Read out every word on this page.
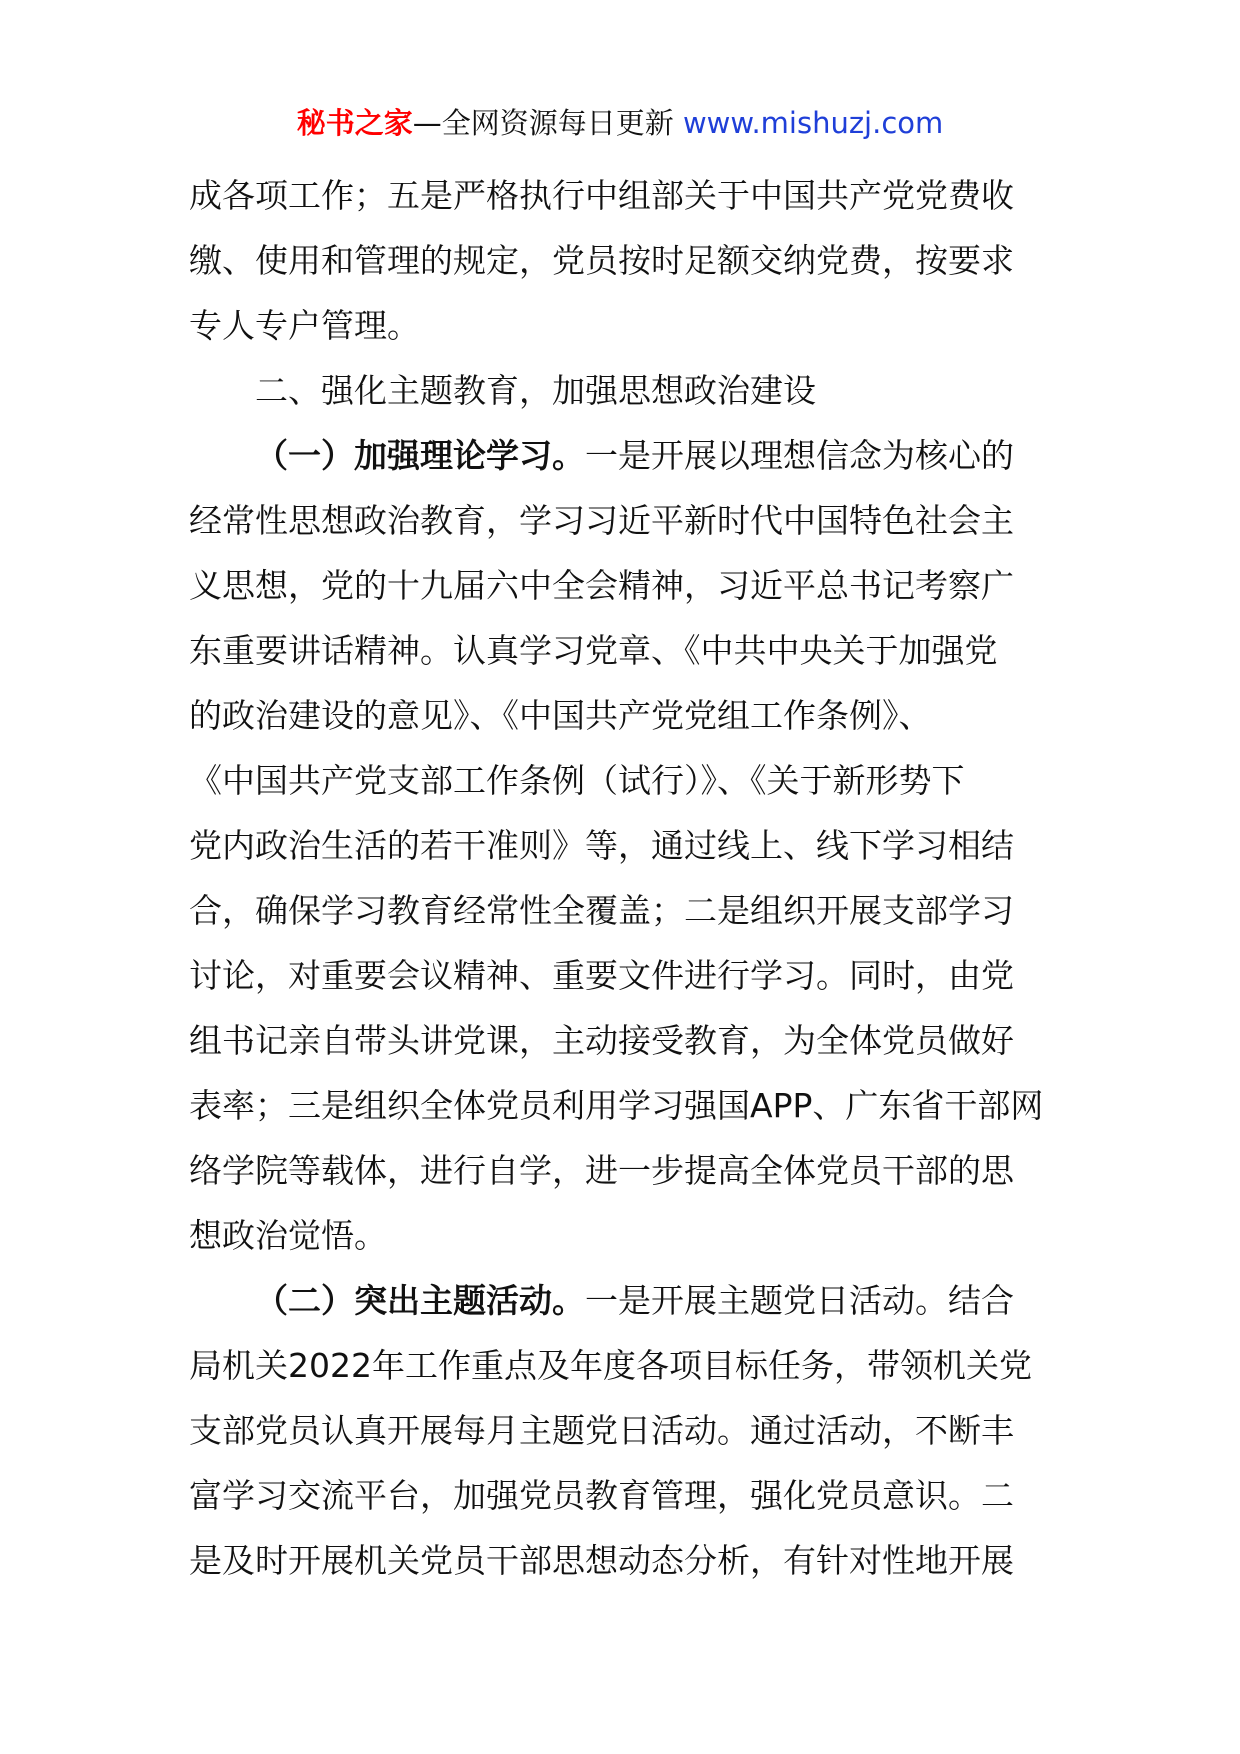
秘书之家—全网资源每日更新 www.mishuzj.com
成各项工作；五是严格执行中组部关于中国共产党党费收
缴、使用和管理的规定，党员按时足额交纳党费，按要求
专人专户管理。
二、强化主题教育，加强思想政治建设
（一）加强理论学习。一是开展以理想信念为核心的
经常性思想政治教育，学习习近平新时代中国特色社会主
义思想，党的十九届六中全会精神，习近平总书记考察广
东重要讲话精神。认真学习党章、《中共中央关于加强党
的政治建设的意见》、《中国共产党党组工作条例》、
《中国共产党支部工作条例（试行）》、《关于新形势下
党内政治生活的若干准则》等，通过线上、线下学习相结
合，确保学习教育经常性全覆盖；二是组织开展支部学习
讨论，对重要会议精神、重要文件进行学习。同时，由党
组书记亲自带头讲党课，主动接受教育，为全体党员做好
表率；三是组织全体党员利用学习强国APP、广东省干部网
络学院等载体，进行自学，进一步提高全体党员干部的思
想政治觉悟。
（二）突出主题活动。一是开展主题党日活动。结合
局机关2022年工作重点及年度各项目标任务，带领机关党
支部党员认真开展每月主题党日活动。通过活动，不断丰
富学习交流平台，加强党员教育管理，强化党员意识。二
是及时开展机关党员干部思想动态分析，有针对性地开展
